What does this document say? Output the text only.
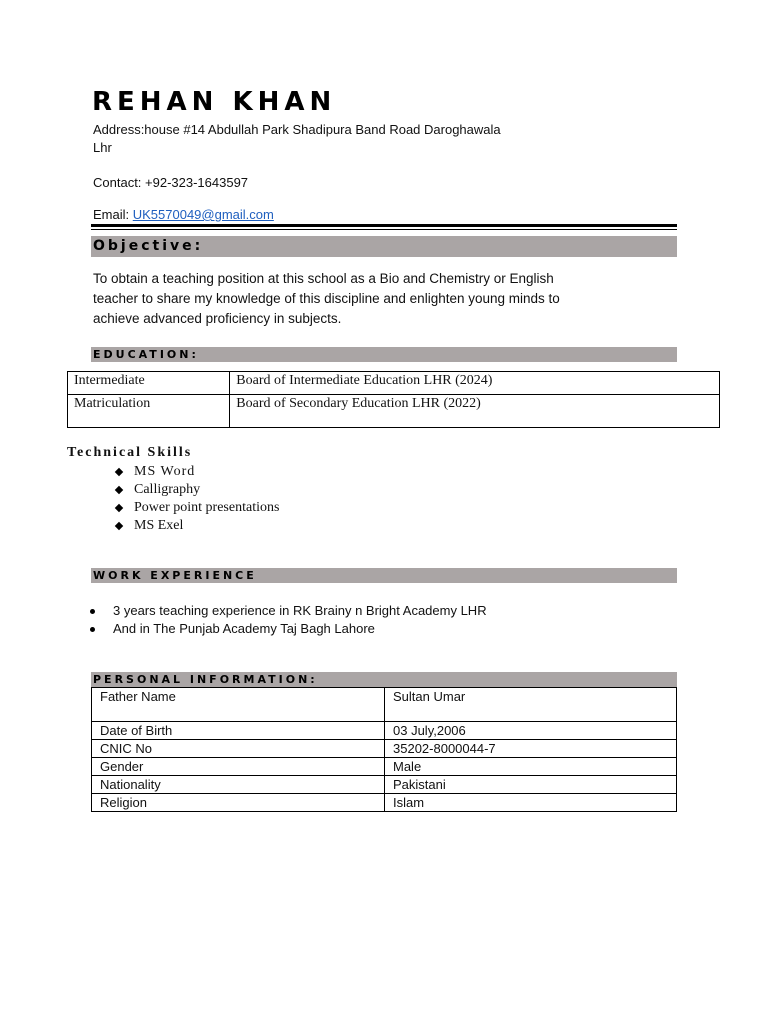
REHAN KHAN
Address:house #14 Abdullah Park Shadipura Band Road Daroghawala
Lhr
Contact: +92-323-1643597
Email: UK5570049@gmail.com
Objective:
To obtain a teaching position at this school as a Bio and Chemistry or English
teacher to share my knowledge of this discipline and enlighten young minds to
achieve advanced proficiency in subjects.
EDUCATION:
Intermediate	Board of Intermediate Education LHR (2024)
Matriculation	Board of Secondary Education LHR (2022)
Technical Skills
MS Word
Calligraphy
Power point presentations
MS Exel
WORK EXPERIENCE
3 years teaching experience in RK Brainy n Bright Academy LHR
And in The Punjab Academy Taj Bagh Lahore
PERSONAL INFORMATION:
Father Name	Sultan Umar
Date of Birth	03 July,2006
CNIC No	35202-8000044-7
Gender	Male
Nationality	Pakistani
Religion	Islam
